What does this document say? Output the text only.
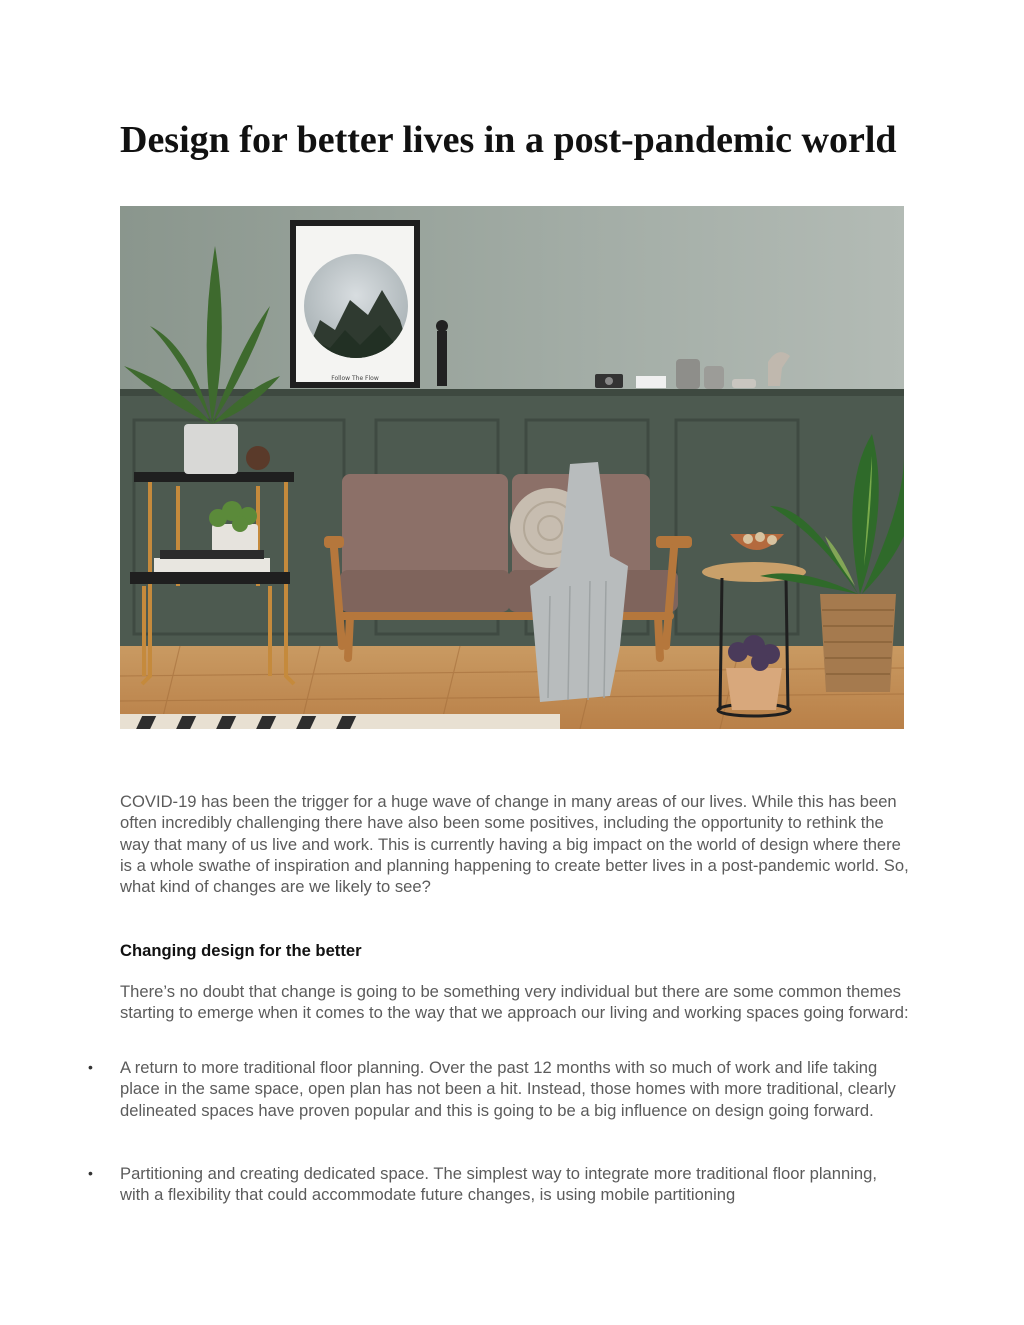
Design for better lives in a post-pandemic world
Follow The Flow

COVID-19 has been the trigger for a huge wave of change in many areas of our lives. While this has been often incredibly challenging there have also been some positives, including the opportunity to rethink the way that many of us live and work. This is currently having a big impact on the world of design where there is a whole swathe of inspiration and planning happening to create better lives in a post-pandemic world. So, what kind of changes are we likely to see?

Changing design for the better

There’s no doubt that change is going to be something very individual but there are some common themes starting to emerge when it comes to the way that we approach our living and working spaces going forward:

• A return to more traditional floor planning. Over the past 12 months with so much of work and life taking place in the same space, open plan has not been a hit. Instead, those homes with more traditional, clearly delineated spaces have proven popular and this is going to be a big influence on design going forward.

• Partitioning and creating dedicated space. The simplest way to integrate more traditional floor planning, with a flexibility that could accommodate future changes, is using mobile partitioning
